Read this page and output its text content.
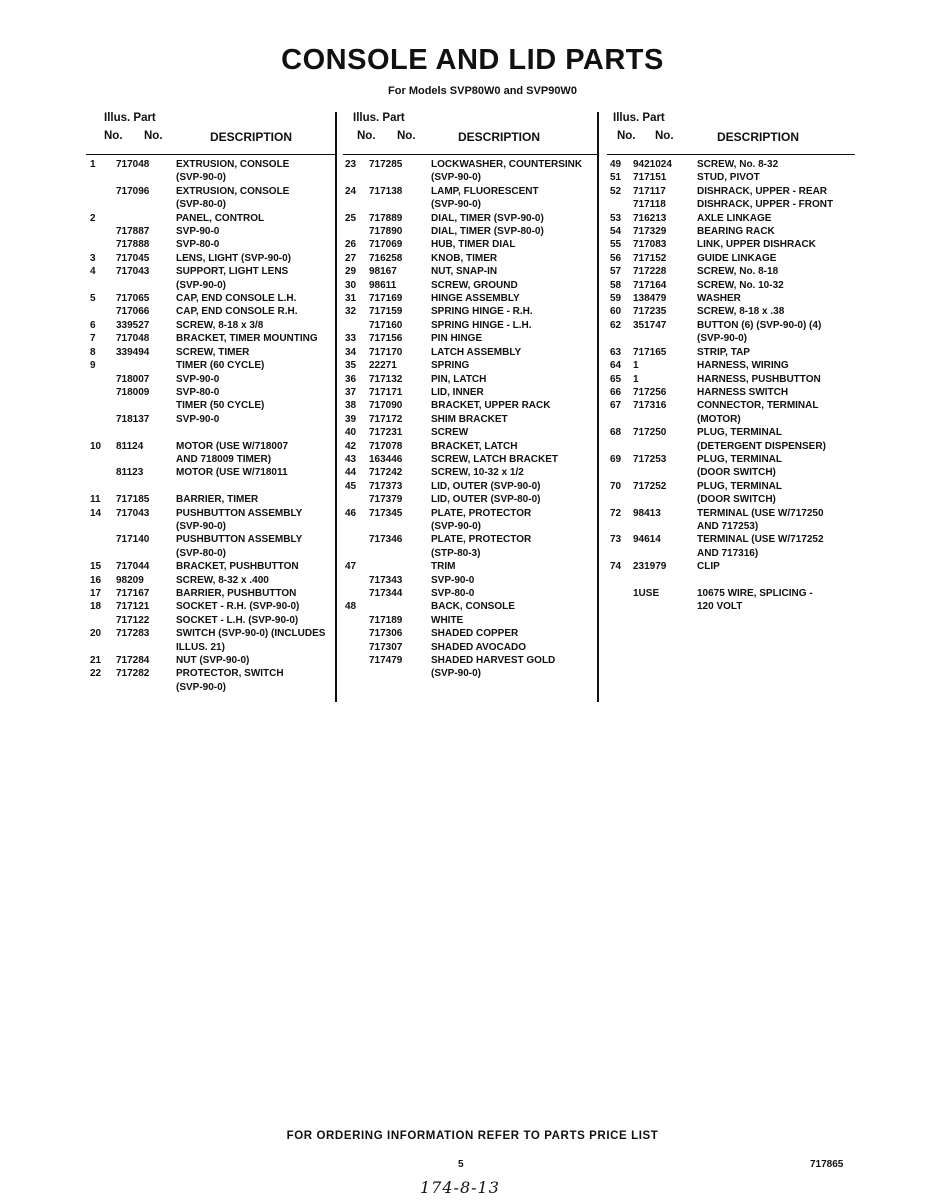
CONSOLE AND LID PARTS
For Models SVP80W0 and SVP90W0
Illus. Part
No. No.	DESCRIPTION
1 717048	EXTRUSION, CONSOLE
(SVP-90-0)
717096	EXTRUSION, CONSOLE
(SVP-80-0)
2	PANEL, CONTROL
717887	SVP-90-0
717888	SVP-80-0
3 717045	LENS, LIGHT (SVP-90-0)
4 717043	SUPPORT, LIGHT LENS
(SVP-90-0)
5 717065	CAP, END CONSOLE L.H.
717066	CAP, END CONSOLE R.H.
6 339527	SCREW, 8-18 x 3/8
7 717048	BRACKET, TIMER MOUNTING
8 339494	SCREW, TIMER
9	TIMER (60 CYCLE)
718007	SVP-90-0
718009	SVP-80-0
TIMER (50 CYCLE)
718137	SVP-90-0

10 81124	MOTOR (USE W/718007
AND 718009 TIMER)
81123	MOTOR (USE W/718011

11 717185	BARRIER, TIMER
14 717043	PUSHBUTTON ASSEMBLY
(SVP-90-0)
717140	PUSHBUTTON ASSEMBLY
(SVP-80-0)
15 717044	BRACKET, PUSHBUTTON
16 98209	SCREW, 8-32 x .400
17 717167	BARRIER, PUSHBUTTON
18 717121	SOCKET - R.H. (SVP-90-0)
717122	SOCKET - L.H. (SVP-90-0)
20 717283	SWITCH (SVP-90-0) (INCLUDES
ILLUS. 21)
21 717284	NUT (SVP-90-0)
22 717282	PROTECTOR, SWITCH
(SVP-90-0)
Illus. Part
No. No.	DESCRIPTION
23 717285	LOCKWASHER, COUNTERSINK
(SVP-90-0)
24 717138	LAMP, FLUORESCENT
(SVP-90-0)
25 717889	DIAL, TIMER (SVP-90-0)
717890	DIAL, TIMER (SVP-80-0)
26 717069	HUB, TIMER DIAL
27 716258	KNOB, TIMER
29 98167	NUT, SNAP-IN
30 98611	SCREW, GROUND
31 717169	HINGE ASSEMBLY
32 717159	SPRING HINGE - R.H.
717160	SPRING HINGE - L.H.
33 717156	PIN HINGE
34 717170	LATCH ASSEMBLY
35 22271	SPRING
36 717132	PIN, LATCH
37 717171	LID, INNER
38 717090	BRACKET, UPPER RACK
39 717172	SHIM BRACKET
40 717231	SCREW
42 717078	BRACKET, LATCH
43 163446	SCREW, LATCH BRACKET
44 717242	SCREW, 10-32 x 1/2
45 717373	LID, OUTER (SVP-90-0)
717379	LID, OUTER (SVP-80-0)
46 717345	PLATE, PROTECTOR
(SVP-90-0)
717346	PLATE, PROTECTOR
(STP-80-3)
47	TRIM
717343	SVP-90-0
717344	SVP-80-0
48	BACK, CONSOLE
717189	WHITE
717306	SHADED COPPER
717307	SHADED AVOCADO
717479	SHADED HARVEST GOLD
(SVP-90-0)
Illus. Part
No. No.	DESCRIPTION
49 9421024	SCREW, No. 8-32
51 717151	STUD, PIVOT
52 717117	DISHRACK, UPPER - REAR
717118	DISHRACK, UPPER - FRONT
53 716213	AXLE LINKAGE
54 717329	BEARING RACK
55 717083	LINK, UPPER DISHRACK
56 717152	GUIDE LINKAGE
57 717228	SCREW, No. 8-18
58 717164	SCREW, No. 10-32
59 138479	WASHER
60 717235	SCREW, 8-18 x .38
62 351747	BUTTON (6) (SVP-90-0) (4)
(SVP-90-0)
63 717165	STRIP, TAP
64 1	HARNESS, WIRING
65 1	HARNESS, PUSHBUTTON
66 717256	HARNESS SWITCH
67 717316	CONNECTOR, TERMINAL
(MOTOR)
68 717250	PLUG, TERMINAL
(DETERGENT DISPENSER)
69 717253	PLUG, TERMINAL
(DOOR SWITCH)
70 717252	PLUG, TERMINAL
(DOOR SWITCH)
72 98413	TERMINAL (USE W/717250
AND 717253)
73 94614	TERMINAL (USE W/717252
AND 717316)
74 231979	CLIP

1USE	10675 WIRE, SPLICING -
120 VOLT
FOR ORDERING INFORMATION REFER TO PARTS PRICE LIST
5	717865
174-8-13
